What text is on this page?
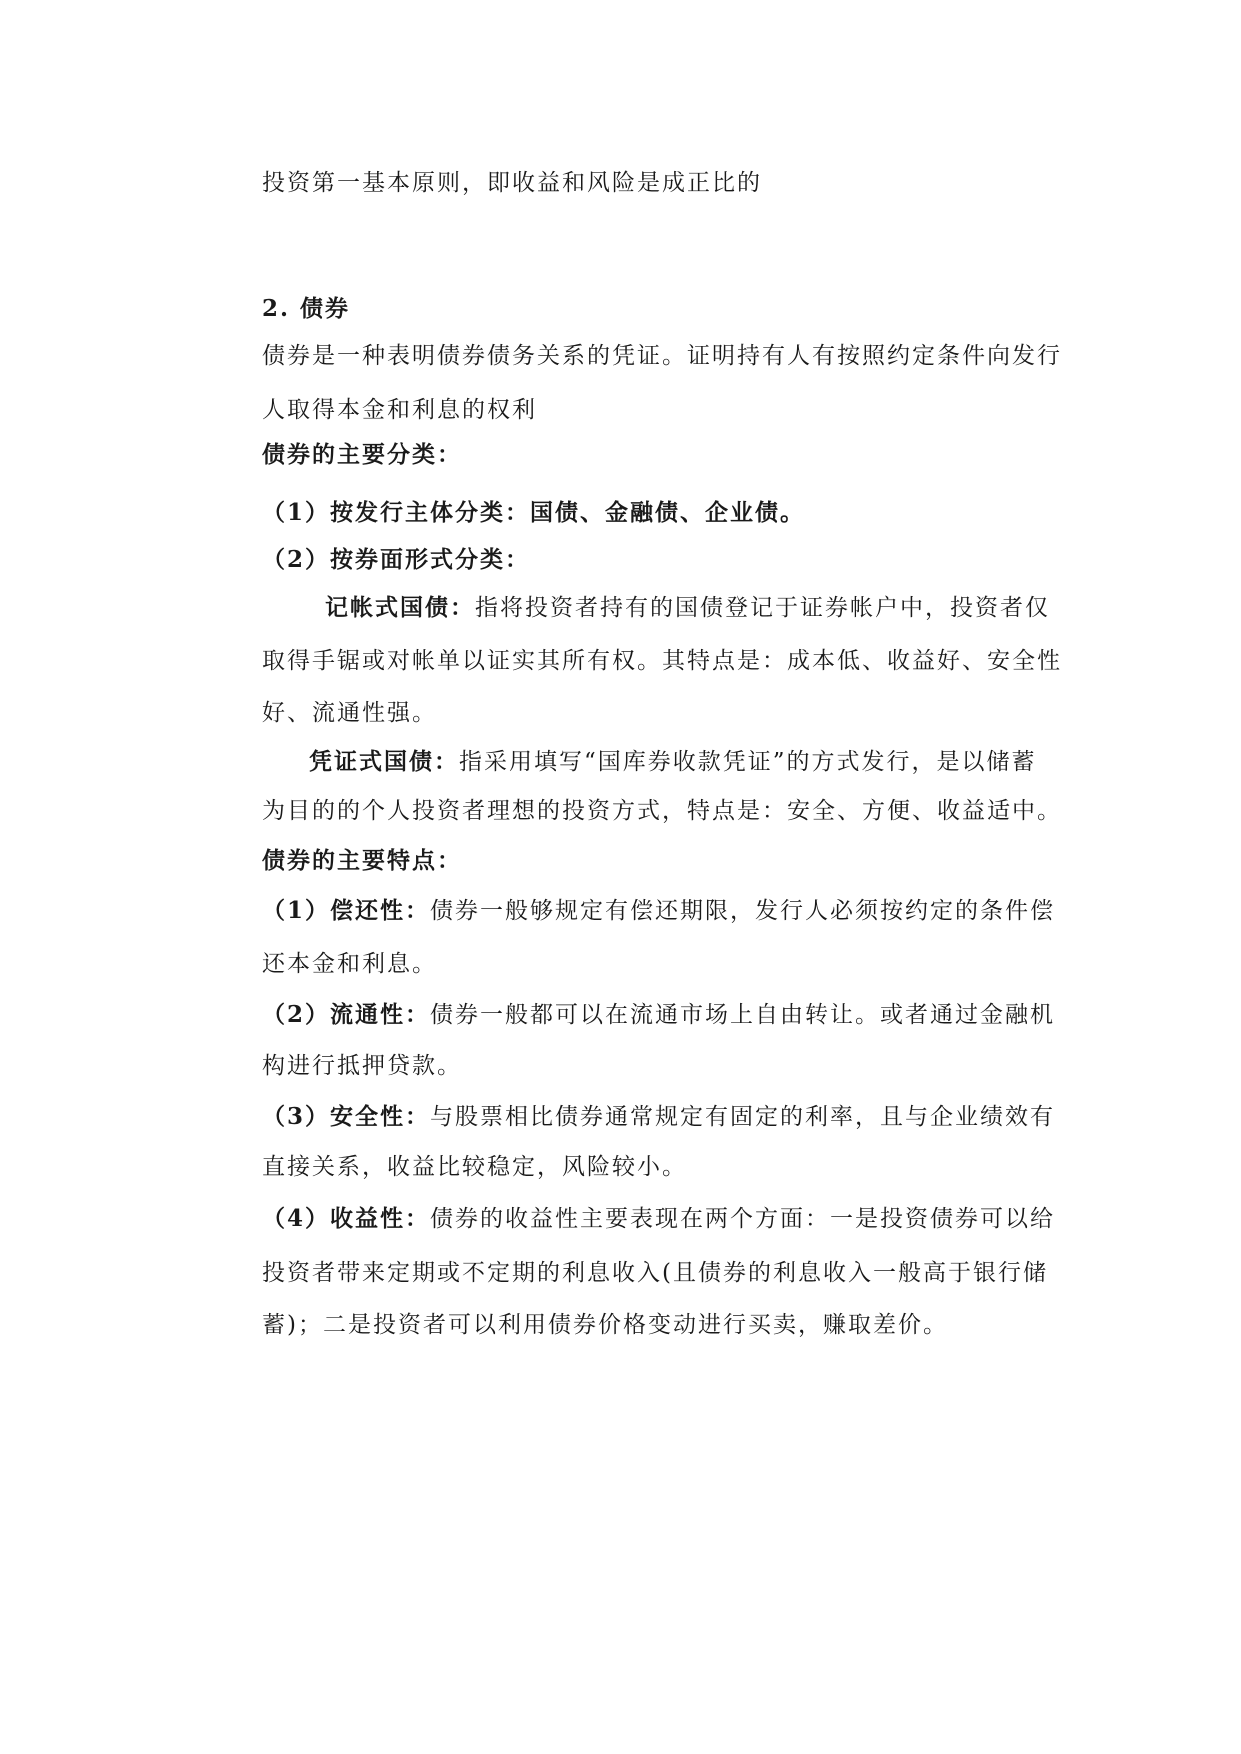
投资第一基本原则，即收益和风险是成正比的
2. 债券
债券是一种表明债券债务关系的凭证。证明持有人有按照约定条件向发行
人取得本金和利息的权利
债券的主要分类：
（1）按发行主体分类：国债、金融债、企业债。
（2）按券面形式分类：
记帐式国债：指将投资者持有的国债登记于证券帐户中，投资者仅
取得手锯或对帐单以证实其所有权。其特点是：成本低、收益好、安全性
好、流通性强。
凭证式国债：指采用填写“国库券收款凭证”的方式发行，是以储蓄
为目的的个人投资者理想的投资方式，特点是：安全、方便、收益适中。
债券的主要特点：
（1）偿还性：债券一般够规定有偿还期限，发行人必须按约定的条件偿
还本金和利息。
（2）流通性：债券一般都可以在流通市场上自由转让。或者通过金融机
构进行抵押贷款。
（3）安全性：与股票相比债券通常规定有固定的利率，且与企业绩效有
直接关系，收益比较稳定，风险较小。
（4）收益性：债券的收益性主要表现在两个方面：一是投资债券可以给
投资者带来定期或不定期的利息收入(且债券的利息收入一般高于银行储
蓄)；二是投资者可以利用债券价格变动进行买卖，赚取差价。
